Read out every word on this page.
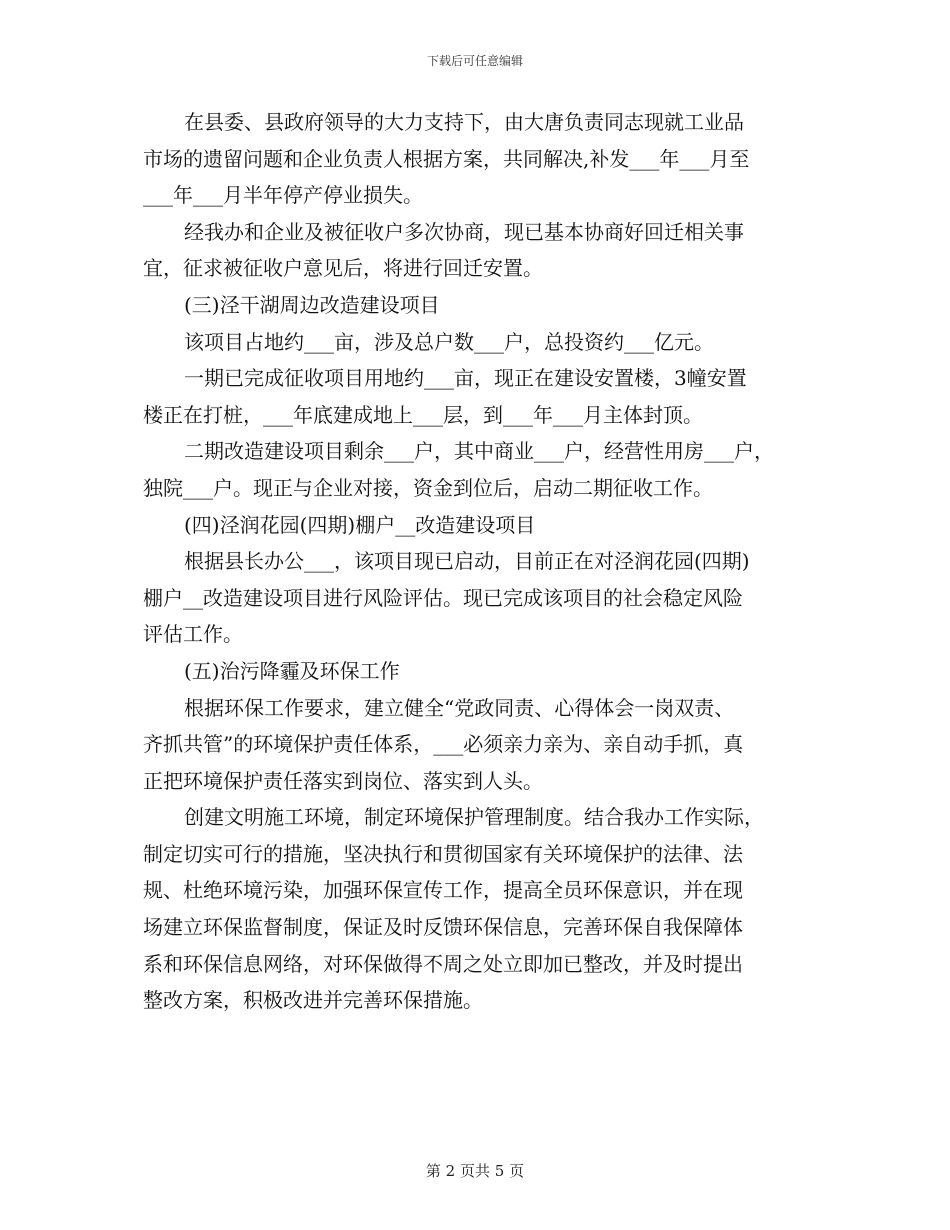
下载后可任意编辑
在县委、县政府领导的大力支持下，由大唐负责同志现就工业品
市场的遗留问题和企业负责人根据方案，共同解决,补发___年___月至
___年___月半年停产停业损失。
经我办和企业及被征收户多次协商，现已基本协商好回迁相关事
宜，征求被征收户意见后，将进行回迁安置。
(三)泾干湖周边改造建设项目
该项目占地约___亩，涉及总户数___户，总投资约___亿元。
一期已完成征收项目用地约___亩，现正在建设安置楼，3幢安置
楼正在打桩，___年底建成地上___层，到___年___月主体封顶。
二期改造建设项目剩余___户，其中商业___户，经营性用房___户，
独院___户。现正与企业对接，资金到位后，启动二期征收工作。
(四)泾润花园(四期)棚户__改造建设项目
根据县长办公___，该项目现已启动，目前正在对泾润花园(四期)
棚户__改造建设项目进行风险评估。现已完成该项目的社会稳定风险
评估工作。
(五)治污降霾及环保工作
根据环保工作要求，建立健全“党政同责、心得体会一岗双责、
齐抓共管”的环境保护责任体系，___必须亲力亲为、亲自动手抓，真
正把环境保护责任落实到岗位、落实到人头。
创建文明施工环境，制定环境保护管理制度。结合我办工作实际，
制定切实可行的措施，坚决执行和贯彻国家有关环境保护的法律、法
规、杜绝环境污染，加强环保宣传工作，提高全员环保意识，并在现
场建立环保监督制度，保证及时反馈环保信息，完善环保自我保障体
系和环保信息网络，对环保做得不周之处立即加已整改，并及时提出
整改方案，积极改进并完善环保措施。
第 2 页共 5 页
